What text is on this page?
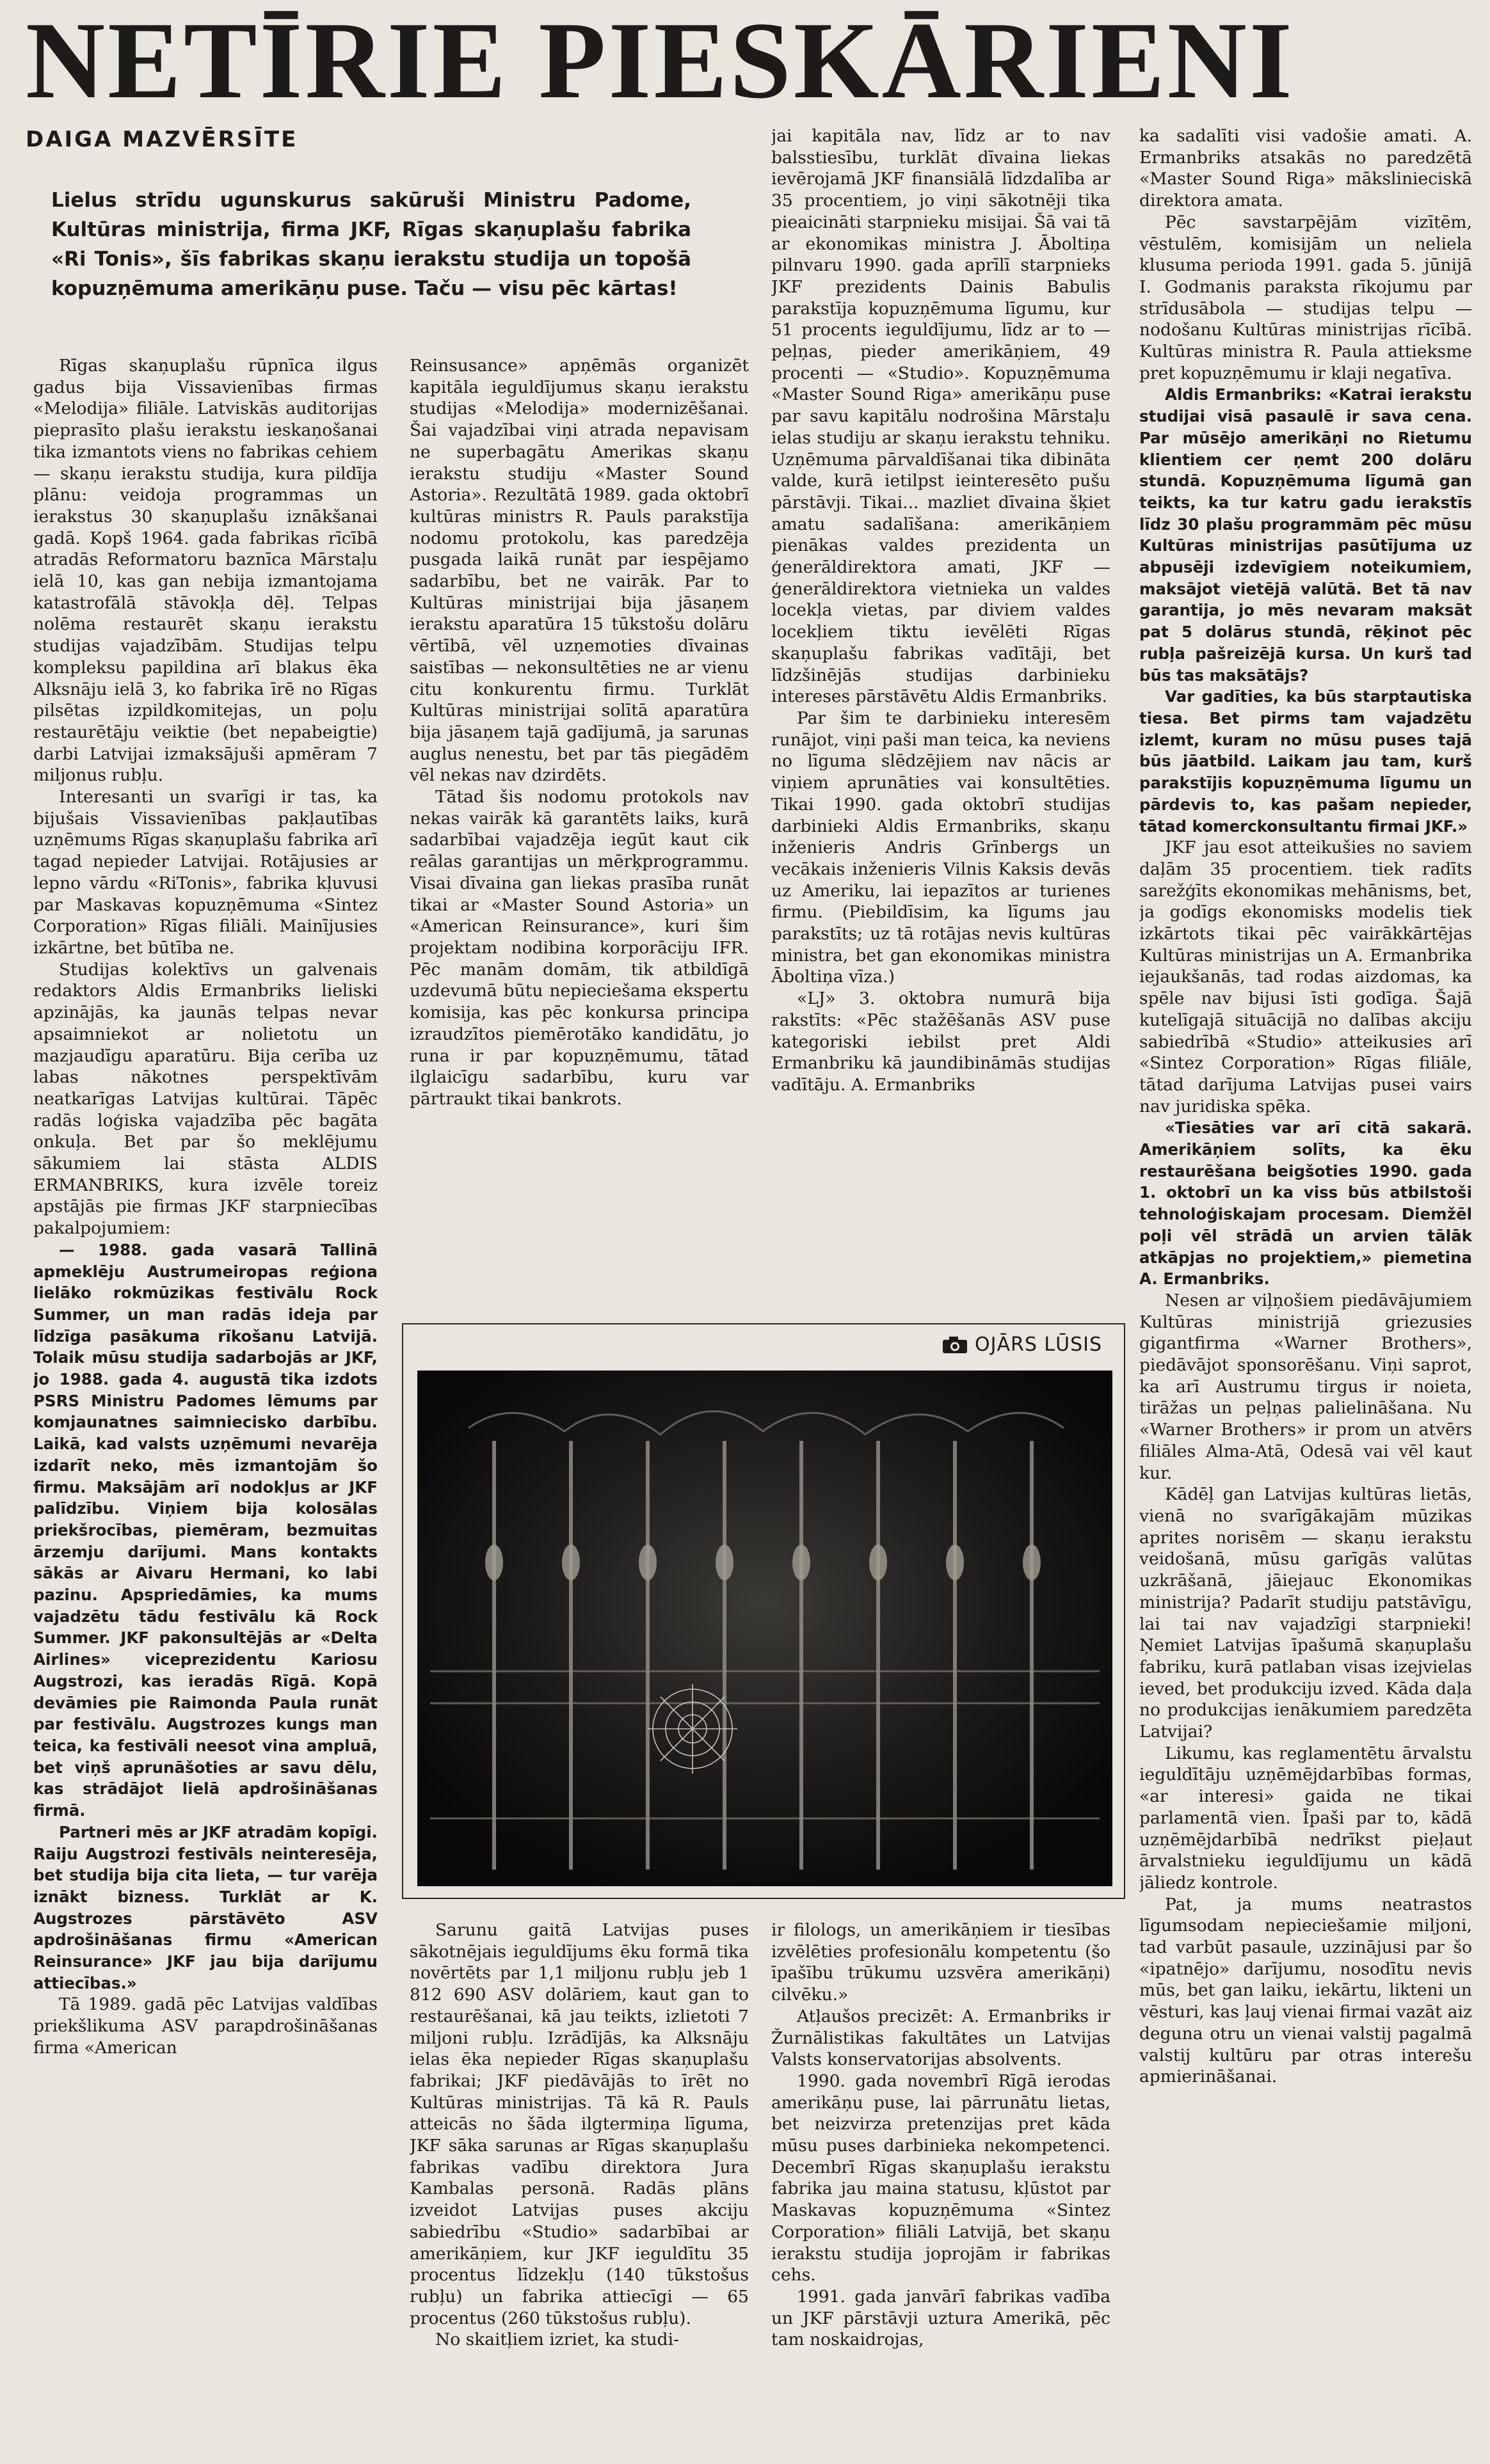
NETĪRIE PIESKĀRIENI
DAIGA MAZVĒRSĪTE

Lielus strīdu ugunskurus sakūruši Ministru Padome, Kultūras ministrija, firma JKF, Rīgas skaņuplašu fabrika «Ri Tonis», šīs fabrikas skaņu ierakstu studija un topošā kopuzņēmuma amerikāņu puse. Taču — visu pēc kārtas!

Rīgas skaņuplašu rūpnīca ilgus gadus bija Vissavienības firmas «Melodija» filiāle. Latviskās auditorijas pieprasīto plašu ierakstu ieskaņošanai tika izmantots viens no fabrikas cehiem — skaņu ierakstu studija, kura pildīja plānu: veidoja programmas un ierakstus 30 skaņuplašu iznākšanai gadā. Kopš 1964. gada fabrikas rīcībā atradās Reformatoru baznīca Mārstaļu ielā 10, kas gan nebija izmantojama katastrofālā stāvokļa dēļ. Telpas nolēma restaurēt skaņu ierakstu studijas vajadzībām. Studijas telpu kompleksu papildina arī blakus ēka Alksnāju ielā 3, ko fabrika īrē no Rīgas pilsētas izpildkomitejas, un poļu restaurētāju veiktie (bet nepabeigtie) darbi Latvijai izmaksājuši apmēram 7 miljonus rubļu.

Interesanti un svarīgi ir tas, ka bijušais Vissavienības pakļautības uzņēmums Rīgas skaņuplašu fabrika arī tagad nepieder Latvijai. Rotājusies ar lepno vārdu «RiTonis», fabrika kļuvusi par Maskavas kopuzņēmuma «Sintez Corporation» Rīgas filiāli. Mainījusies izkārtne, bet būtība ne.

Studijas kolektīvs un galvenais redaktors Aldis Ermanbriks lieliski apzinājās, ka jaunās telpas nevar apsaimniekot ar nolietotu un mazjaudīgu aparatūru. Bija cerība uz labas nākotnes perspektīvām neatkarīgas Latvijas kultūrai. Tāpēc radās loģiska vajadzība pēc bagāta onkuļa. Bet par šo meklējumu sākumiem lai stāsta ALDIS ERMANBRIKS, kura izvēle toreiz apstājās pie firmas JKF starpniecības pakalpojumiem:

— 1988. gada vasarā Tallinā apmeklēju Austrumeiropas reģiona lielāko rokmūzikas festivālu Rock Summer, un man radās ideja par līdzīga pasākuma rīkošanu Latvijā. Tolaik mūsu studija sadarbojās ar JKF, jo 1988. gada 4. augustā tika izdots PSRS Ministru Padomes lēmums par komjaunatnes saimniecisko darbību. Laikā, kad valsts uzņēmumi nevarēja izdarīt neko, mēs izmantojām šo firmu. Maksājām arī nodokļus ar JKF palīdzību. Viņiem bija kolosālas priekšrocības, piemēram, bezmuitas ārzemju darījumi. Mans kontakts sākās ar Aivaru Hermani, ko labi pazinu. Apspriedāmies, ka mums vajadzētu tādu festivālu kā Rock Summer. JKF pakonsultējās ar «Delta Airlines» viceprezidentu Kariosu Augstrozi, kas ieradās Rīgā. Kopā devāmies pie Raimonda Paula runāt par festivālu. Augstrozes kungs man teica, ka festivāli neesot vina ampluā, bet viņš aprunāšoties ar savu dēlu, kas strādājot lielā apdrošināšanas firmā.

Partneri mēs ar JKF atradām kopīgi. Raiju Augstrozi festivāls neinteresēja, bet studija bija cita lieta, — tur varēja iznākt bizness. Turklāt ar K. Augstrozes pārstāvēto ASV apdrošināšanas firmu «American Reinsurance» JKF jau bija darījumu attiecības.»

Tā 1989. gadā pēc Latvijas valdības priekšlikuma ASV parapdrošināšanas firma «American

Reinsusance» apņēmās organizēt kapitāla ieguldījumus skaņu ierakstu studijas «Melodija» modernizēšanai. Šai vajadzībai viņi atrada nepavisam ne superbagātu Amerikas skaņu ierakstu studiju «Master Sound Astoria». Rezultātā 1989. gada oktobrī kultūras ministrs R. Pauls parakstīja nodomu protokolu, kas paredzēja pusgada laikā runāt par iespējamo sadarbību, bet ne vairāk. Par to Kultūras ministrijai bija jāsaņem ierakstu aparatūra 15 tūkstošu dolāru vērtībā, vēl uzņemoties dīvainas saistības — nekonsultēties ne ar vienu citu konkurentu firmu. Turklāt Kultūras ministrijai solītā aparatūra bija jāsaņem tajā gadījumā, ja sarunas auglus nenestu, bet par tās piegādēm vēl nekas nav dzirdēts.

Tātad šis nodomu protokols nav nekas vairāk kā garantēts laiks, kurā sadarbībai vajadzēja iegūt kaut cik reālas garantijas un mērķprogrammu. Visai dīvaina gan liekas prasība runāt tikai ar «Master Sound Astoria» un «American Reinsurance», kuri šim projektam nodibina korporāciju IFR. Pēc manām domām, tik atbildīgā uzdevumā būtu nepieciešama ekspertu komisija, kas pēc konkursa principa izraudzītos piemērotāko kandidātu, jo runa ir par kopuzņēmumu, tātad ilglaicīgu sadarbību, kuru var pārtraukt tikai bankrots.

jai kapitāla nav, līdz ar to nav balsstiesību, turklāt dīvaina liekas ievērojamā JKF finansiālā līdzdalība ar 35 procentiem, jo viņi sākotnēji tika pieaicināti starpnieku misijai. Šā vai tā ar ekonomikas ministra J. Āboltiņa pilnvaru 1990. gada aprīlī starpnieks JKF prezidents Dainis Babulis parakstīja kopuzņēmuma līgumu, kur 51 procents ieguldījumu, līdz ar to — peļņas, pieder amerikāņiem, 49 procenti — «Studio». Kopuzņēmuma «Master Sound Riga» amerikāņu puse par savu kapitālu nodrošina Mārstaļu ielas studiju ar skaņu ierakstu tehniku. Uzņēmuma pārvaldīšanai tika dibināta valde, kurā ietilpst ieinteresēto pušu pārstāvji. Tikai... mazliet dīvaina šķiet amatu sadalīšana: amerikāņiem pienākas valdes prezidenta un ģenerāldirektora amati, JKF — ģenerāldirektora vietnieka un valdes locekļa vietas, par diviem valdes locekļiem tiktu ievēlēti Rīgas skaņuplašu fabrikas vadītāji, bet līdzšinējās studijas darbinieku intereses pārstāvētu Aldis Ermanbriks.

Par šim te darbinieku interesēm runājot, viņi paši man teica, ka neviens no līguma slēdzējiem nav nācis ar viņiem aprunāties vai konsultēties. Tikai 1990. gada oktobrī studijas darbinieki Aldis Ermanbriks, skaņu inženieris Andris Grīnbergs un vecākais inženieris Vilnis Kaksis devās uz Ameriku, lai iepazītos ar turienes firmu. (Piebildīsim, ka līgums jau parakstīts; uz tā rotājas nevis kultūras ministra, bet gan ekonomikas ministra Āboltiņa vīza.)

«LJ» 3. oktobra numurā bija rakstīts: «Pēc stažēšanās ASV puse kategoriski iebilst pret Aldi Ermanbriku kā jaundibināmās studijas vadītāju. A. Ermanbriks

OJĀRS LŪSIS

Sarunu gaitā Latvijas puses sākotnējais ieguldījums ēku formā tika novērtēts par 1,1 miljonu rubļu jeb 1 812 690 ASV dolāriem, kaut gan to restaurēšanai, kā jau teikts, izlietoti 7 miljoni rubļu. Izrādījās, ka Alksnāju ielas ēka nepieder Rīgas skaņuplašu fabrikai; JKF piedāvājās to īrēt no Kultūras ministrijas. Tā kā R. Pauls atteicās no šāda ilgtermiņa līguma, JKF sāka sarunas ar Rīgas skaņuplašu fabrikas vadību direktora Jura Kambalas personā. Radās plāns izveidot Latvijas puses akciju sabiedrību «Studio» sadarbībai ar amerikāņiem, kur JKF ieguldītu 35 procentus līdzekļu (140 tūkstošus rubļu) un fabrika attiecīgi — 65 procentus (260 tūkstošus rubļu).

No skaitļiem izriet, ka studi-

ir filologs, un amerikāņiem ir tiesības izvēlēties profesionālu kompetentu (šo īpašību trūkumu uzsvēra amerikāņi) cilvēku.»

Atļaušos precizēt: A. Ermanbriks ir Žurnālistikas fakultātes un Latvijas Valsts konservatorijas absolvents.

1990. gada novembrī Rīgā ierodas amerikāņu puse, lai pārrunātu lietas, bet neizvirza pretenzijas pret kāda mūsu puses darbinieka nekompetenci. Decembrī Rīgas skaņuplašu ierakstu fabrika jau maina statusu, kļūstot par Maskavas kopuzņēmuma «Sintez Corporation» filiāli Latvijā, bet skaņu ierakstu studija joprojām ir fabrikas cehs.

1991. gada janvārī fabrikas vadība un JKF pārstāvji uztura Amerikā, pēc tam noskaidrojas,

ka sadalīti visi vadošie amati. A. Ermanbriks atsakās no paredzētā «Master Sound Riga» mākslinieciskā direktora amata.

Pēc savstarpējām vizītēm, vēstulēm, komisijām un neliela klusuma perioda 1991. gada 5. jūnijā I. Godmanis paraksta rīkojumu par strīdusābola — studijas telpu — nodošanu Kultūras ministrijas rīcībā. Kultūras ministra R. Paula attieksme pret kopuzņēmumu ir klaji negatīva.

Aldis Ermanbriks: «Katrai ierakstu studijai visā pasaulē ir sava cena. Par mūsējo amerikāņi no Rietumu klientiem cer ņemt 200 dolāru stundā. Kopuzņēmuma līgumā gan teikts, ka tur katru gadu ierakstīs līdz 30 plašu programmām pēc mūsu Kultūras ministrijas pasūtījuma uz abpusēji izdevīgiem noteikumiem, maksājot vietējā valūtā. Bet tā nav garantija, jo mēs nevaram maksāt pat 5 dolārus stundā, rēķinot pēc rubļa pašreizējā kursa. Un kurš tad būs tas maksātājs?

Var gadīties, ka būs starptautiska tiesa. Bet pirms tam vajadzētu izlemt, kuram no mūsu puses tajā būs jāatbild. Laikam jau tam, kurš parakstījis kopuzņēmuma līgumu un pārdevis to, kas pašam nepieder, tātad komerckonsultantu firmai JKF.»

JKF jau esot atteikušies no saviem daļām 35 procentiem. tiek radīts sarežģīts ekonomikas mehānisms, bet, ja godīgs ekonomisks modelis tiek izkārtots tikai pēc vairākkārtējas Kultūras ministrijas un A. Ermanbrika iejaukšanās, tad rodas aizdomas, ka spēle nav bijusi īsti godīga. Šajā kutelīgajā situācijā no dalības akciju sabiedrībā «Studio» atteikusies arī «Sintez Corporation» Rīgas filiāle, tātad darījuma Latvijas pusei vairs nav juridiska spēka.

«Tiesāties var arī citā sakarā. Amerikāņiem solīts, ka ēku restaurēšana beigšoties 1990. gada 1. oktobrī un ka viss būs atbilstoši tehnoloģiskajam procesam. Diemžēl poļi vēl strādā un arvien tālāk atkāpjas no projektiem,» piemetina A. Ermanbriks.

Nesen ar viļņošiem piedāvājumiem Kultūras ministrijā griezusies gigantfirma «Warner Brothers», piedāvājot sponsorēšanu. Viņi saprot, ka arī Austrumu tirgus ir noieta, tirāžas un peļņas palielināšana. Nu «Warner Brothers» ir prom un atvērs filiāles Alma-Atā, Odesā vai vēl kaut kur.

Kādēļ gan Latvijas kultūras lietās, vienā no svarīgākajām mūzikas aprites norisēm — skaņu ierakstu veidošanā, mūsu garīgās valūtas uzkrāšanā, jāiejauc Ekonomikas ministrija? Padarīt studiju patstāvīgu, lai tai nav vajadzīgi starpnieki! Ņemiet Latvijas īpašumā skaņuplašu fabriku, kurā patlaban visas izejvielas ieved, bet produkciju izved. Kāda daļa no produkcijas ienākumiem paredzēta Latvijai?

Likumu, kas reglamentētu ārvalstu ieguldītāju uzņēmējdarbības formas, «ar interesi» gaida ne tikai parlamentā vien. Īpaši par to, kādā uzņēmējdarbībā nedrīkst pieļaut ārvalstnieku ieguldījumu un kādā jāliedz kontrole.

Pat, ja mums neatrastos līgumsodam nepieciešamie miljoni, tad varbūt pasaule, uzzinājusi par šo «ipatnējo» darījumu, nosodītu nevis mūs, bet gan laiku, iekārtu, likteni un vēsturi, kas ļauj vienai firmai vazāt aiz deguna otru un vienai valstij pagalmā valstij kultūru par otras interešu apmierināšanai.
